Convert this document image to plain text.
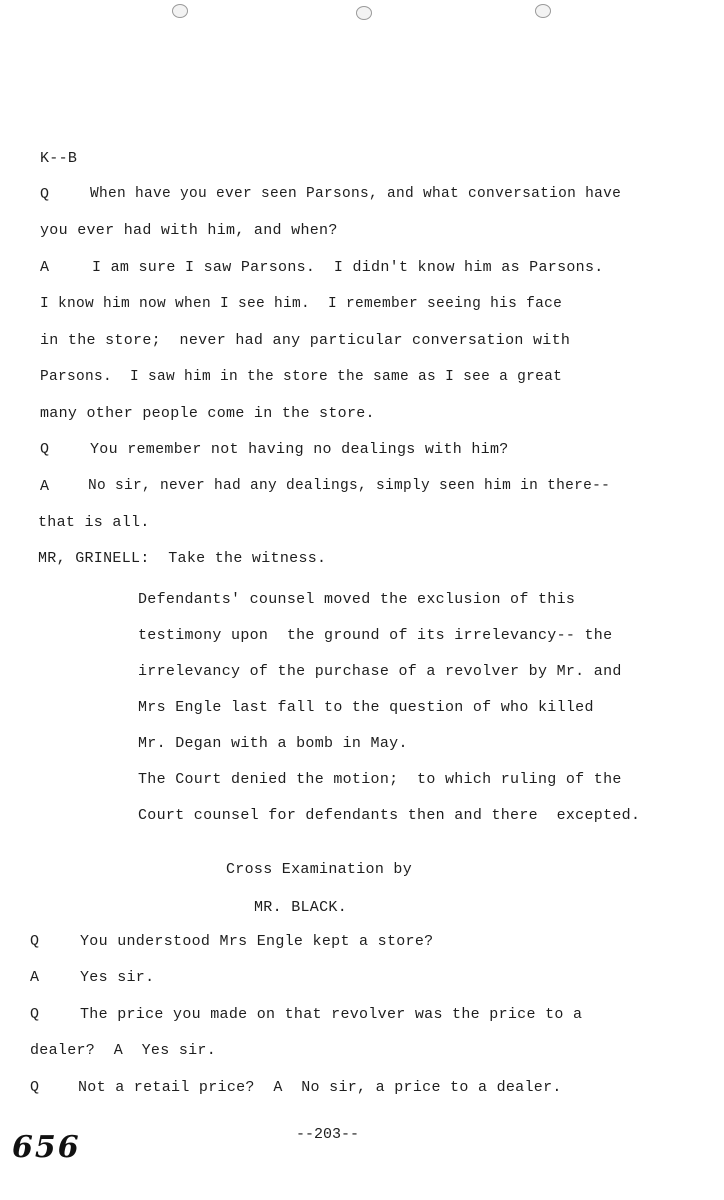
K--B
Q	When have you ever seen Parsons, and what conversation have
you ever had with him, and when?
A	I am sure I saw Parsons.  I didn't know him as Parsons.
I know him now when I see him.  I remember seeing his face
in the store;  never had any particular conversation with
Parsons.  I saw him in the store the same as I see a great
many other people come in the store.
Q	You remember not having no dealings with him?
A	No sir, never had any dealings, simply seen him in there--
that is all.
MR, GRINELL:  Take the witness.
Defendants' counsel moved the exclusion of this
testimony upon  the ground of its irrelevancy-- the
irrelevancy of the purchase of a revolver by Mr. and
Mrs Engle last fall to the question of who killed
Mr. Degan with a bomb in May.
The Court denied the motion;  to which ruling of the
Court counsel for defendants then and there  excepted.
Cross Examination by
MR. BLACK.
Q	You understood Mrs Engle kept a store?
A	Yes sir.
Q	The price you made on that revolver was the price to a
dealer?  A  Yes sir.
Q	Not a retail price?  A  No sir, a price to a dealer.
--203--
656
